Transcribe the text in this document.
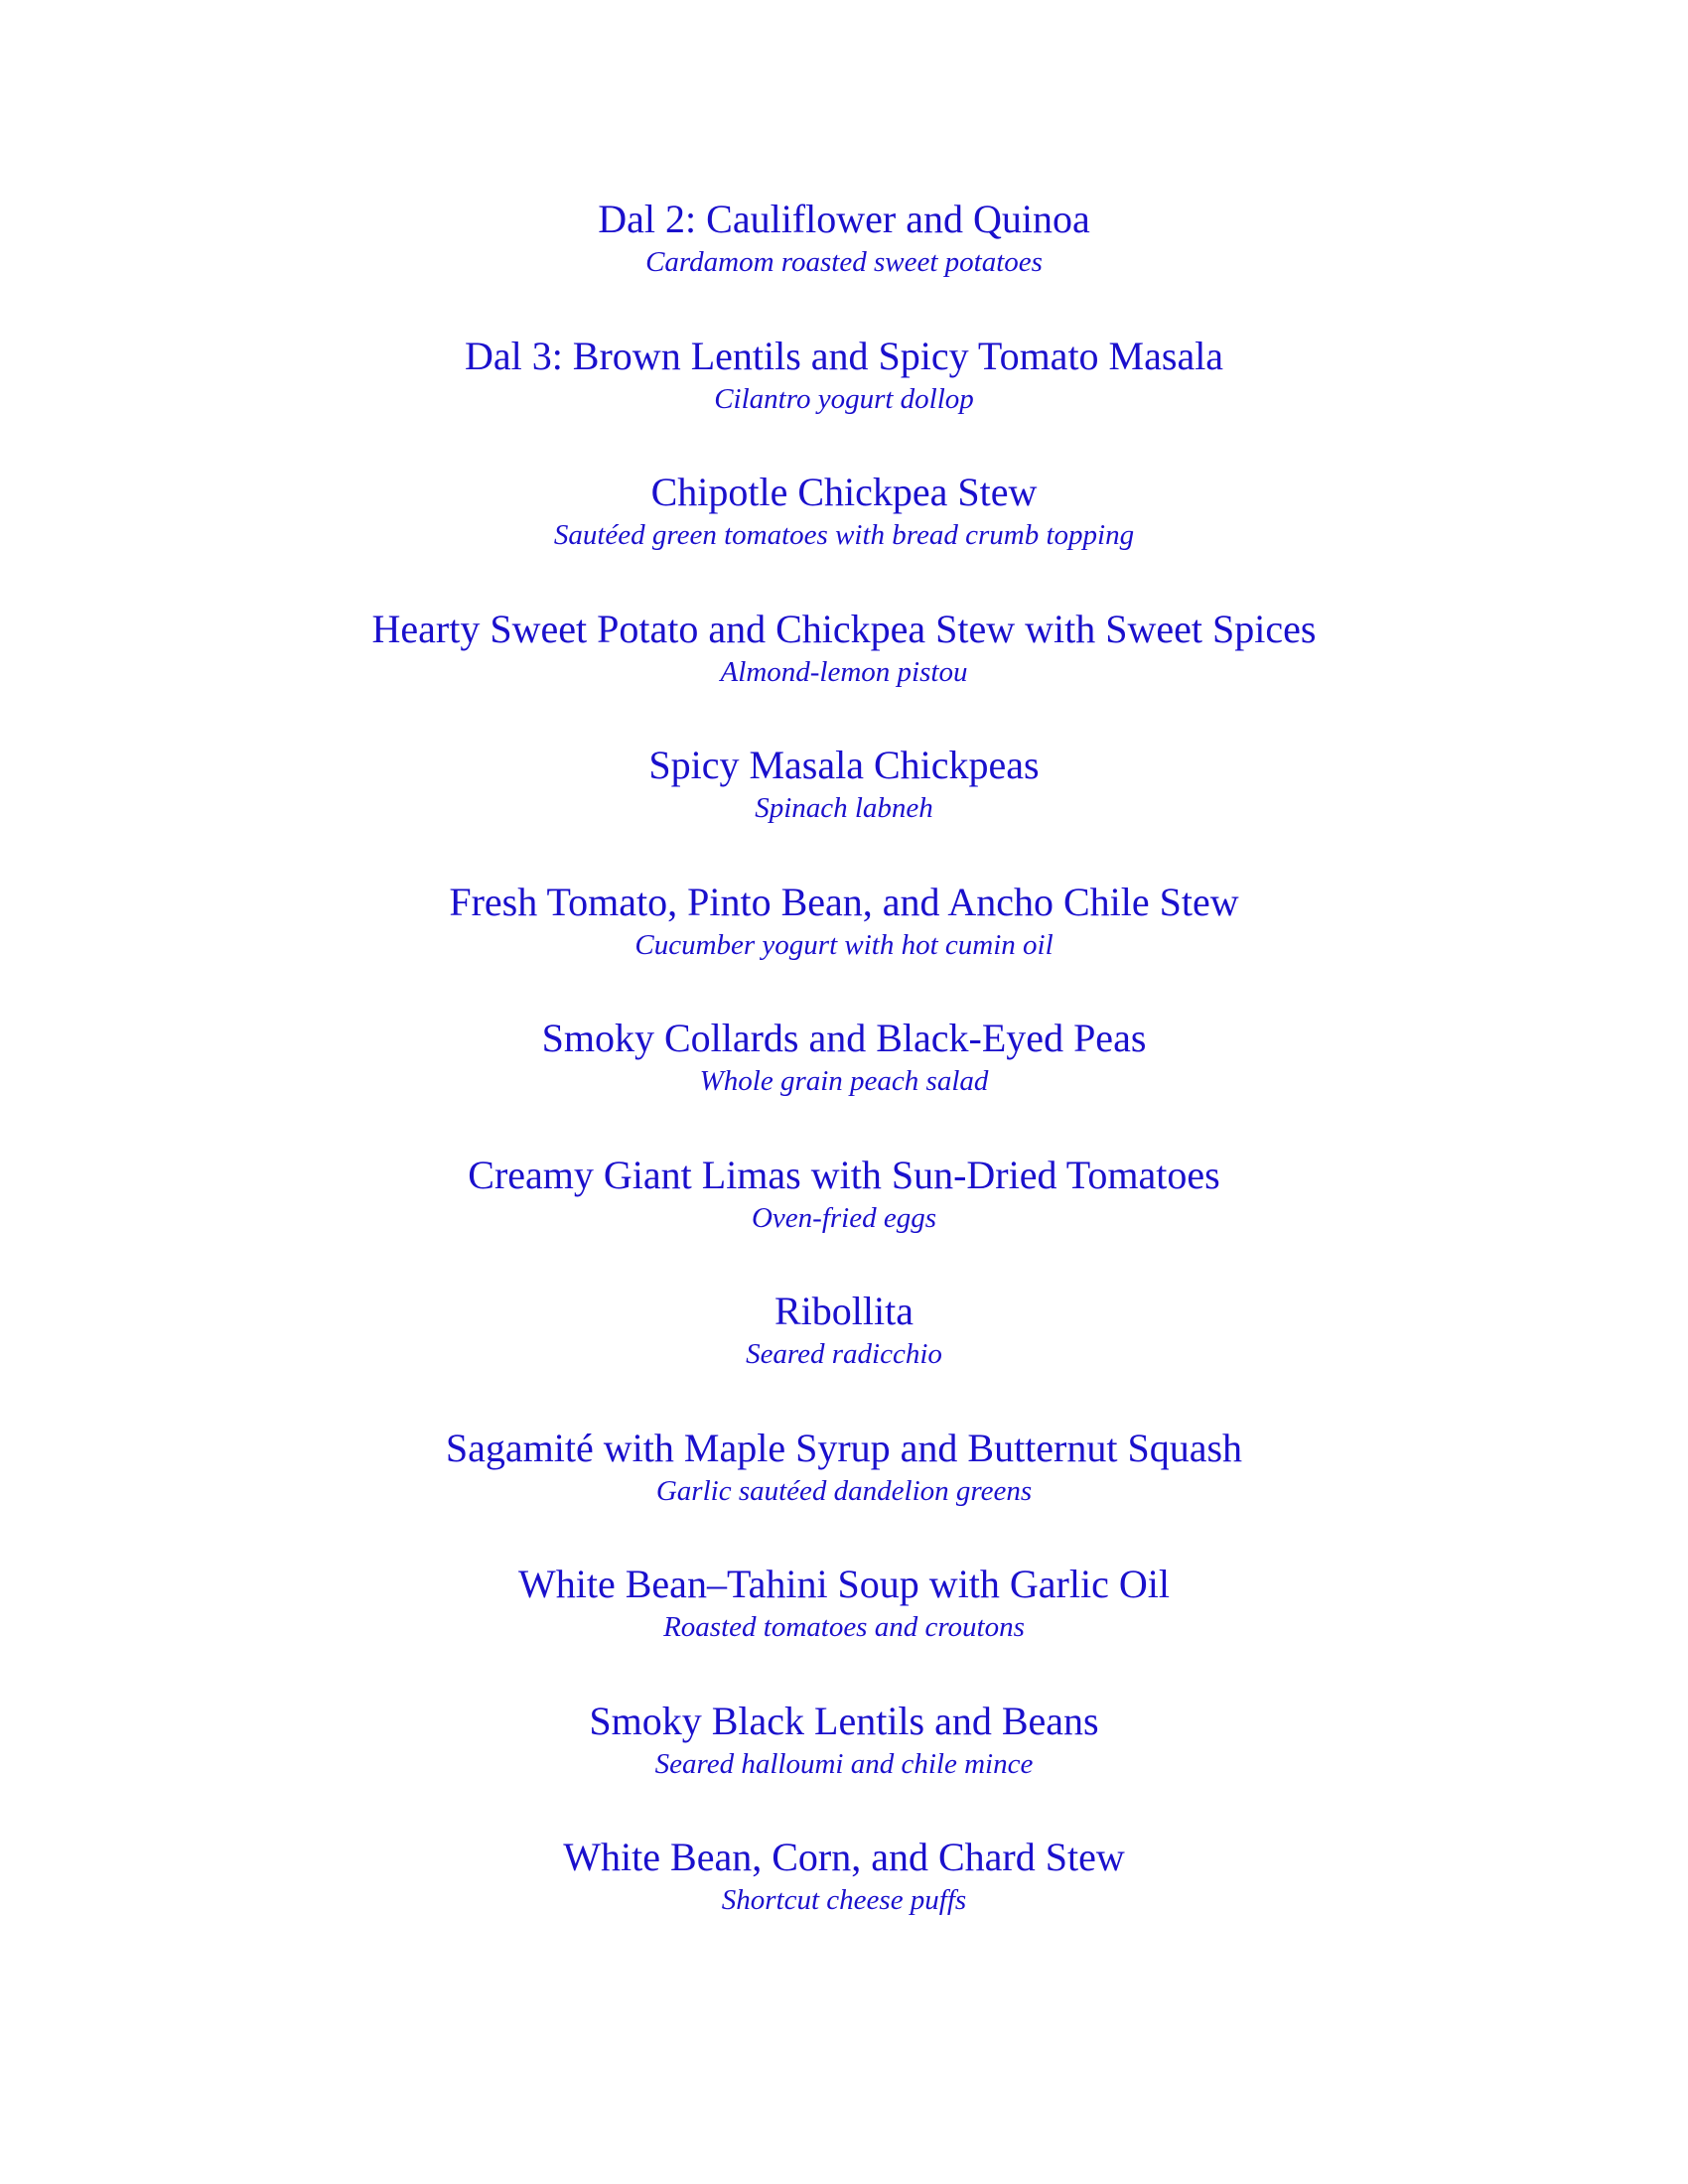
Dal 2: Cauliflower and Quinoa
Cardamom roasted sweet potatoes
Dal 3: Brown Lentils and Spicy Tomato Masala
Cilantro yogurt dollop
Chipotle Chickpea Stew
Sautéed green tomatoes with bread crumb topping
Hearty Sweet Potato and Chickpea Stew with Sweet Spices
Almond-lemon pistou
Spicy Masala Chickpeas
Spinach labneh
Fresh Tomato, Pinto Bean, and Ancho Chile Stew
Cucumber yogurt with hot cumin oil
Smoky Collards and Black-Eyed Peas
Whole grain peach salad
Creamy Giant Limas with Sun-Dried Tomatoes
Oven-fried eggs
Ribollita
Seared radicchio
Sagamité with Maple Syrup and Butternut Squash
Garlic sautéed dandelion greens
White Bean–Tahini Soup with Garlic Oil
Roasted tomatoes and croutons
Smoky Black Lentils and Beans
Seared halloumi and chile mince
White Bean, Corn, and Chard Stew
Shortcut cheese puffs
